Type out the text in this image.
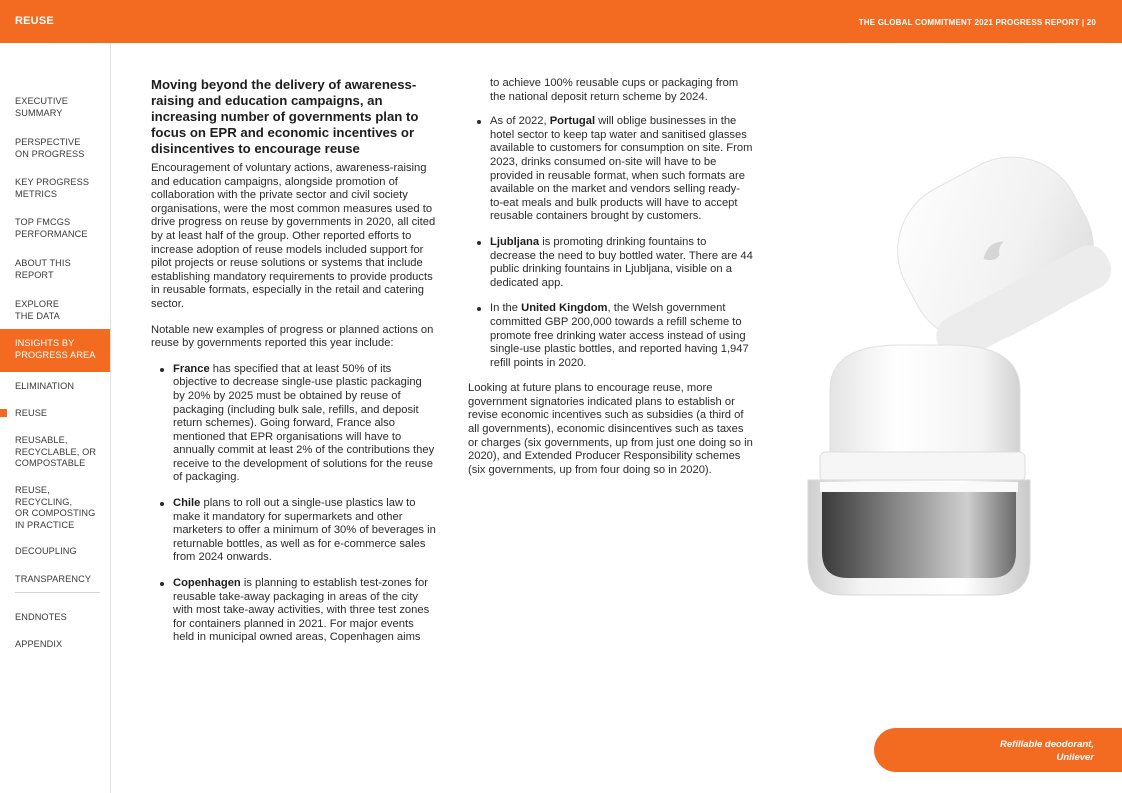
REUSE	THE GLOBAL COMMITMENT 2021 PROGRESS REPORT | 20
EXECUTIVE
SUMMARY
PERSPECTIVE
ON PROGRESS
KEY PROGRESS
METRICS
TOP FMCGS
PERFORMANCE
ABOUT THIS
REPORT
EXPLORE
THE DATA
INSIGHTS BY
PROGRESS AREA
ELIMINATION
REUSE
REUSABLE,
RECYCLABLE, OR
COMPOSTABLE
REUSE,
RECYCLING,
OR COMPOSTING
IN PRACTICE
DECOUPLING
TRANSPARENCY
ENDNOTES
APPENDIX
Moving beyond the delivery of awareness-raising and education campaigns, an increasing number of governments plan to focus on EPR and economic incentives or disincentives to encourage reuse

Encouragement of voluntary actions, awareness-raising and education campaigns, alongside promotion of collaboration with the private sector and civil society organisations, were the most common measures used to drive progress on reuse by governments in 2020, all cited by at least half of the group. Other reported efforts to increase adoption of reuse models included support for pilot projects or reuse solutions or systems that include establishing mandatory requirements to provide products in reusable formats, especially in the retail and catering sector.

Notable new examples of progress or planned actions on reuse by governments reported this year include:

France has specified that at least 50% of its objective to decrease single-use plastic packaging by 20% by 2025 must be obtained by reuse of packaging (including bulk sale, refills, and deposit return schemes). Going forward, France also mentioned that EPR organisations will have to annually commit at least 2% of the contributions they receive to the development of solutions for the reuse of packaging.
Chile plans to roll out a single-use plastics law to make it mandatory for supermarkets and other marketers to offer a minimum of 30% of beverages in returnable bottles, as well as for e-commerce sales from 2024 onwards.
Copenhagen is planning to establish test-zones for reusable take-away packaging in areas of the city with most take-away activities, with three test zones for containers planned in 2021. For major events held in municipal owned areas, Copenhagen aims

to achieve 100% reusable cups or packaging from the national deposit return scheme by 2024.

As of 2022, Portugal will oblige businesses in the hotel sector to keep tap water and sanitised glasses available to customers for consumption on site. From 2023, drinks consumed on-site will have to be provided in reusable format, when such formats are available on the market and vendors selling ready-to-eat meals and bulk products will have to accept reusable containers brought by customers.
Ljubljana is promoting drinking fountains to decrease the need to buy bottled water. There are 44 public drinking fountains in Ljubljana, visible on a dedicated app.
In the United Kingdom, the Welsh government committed GBP 200,000 towards a refill scheme to promote free drinking water access instead of using single-use plastic bottles, and reported having 1,947 refill points in 2020.

Looking at future plans to encourage reuse, more government signatories indicated plans to establish or revise economic incentives such as subsidies (a third of all governments), economic disincentives such as taxes or charges (six governments, up from just one doing so in 2020), and Extended Producer Responsibility schemes (six governments, up from four doing so in 2020).

Refillable deodorant,
Unilever
